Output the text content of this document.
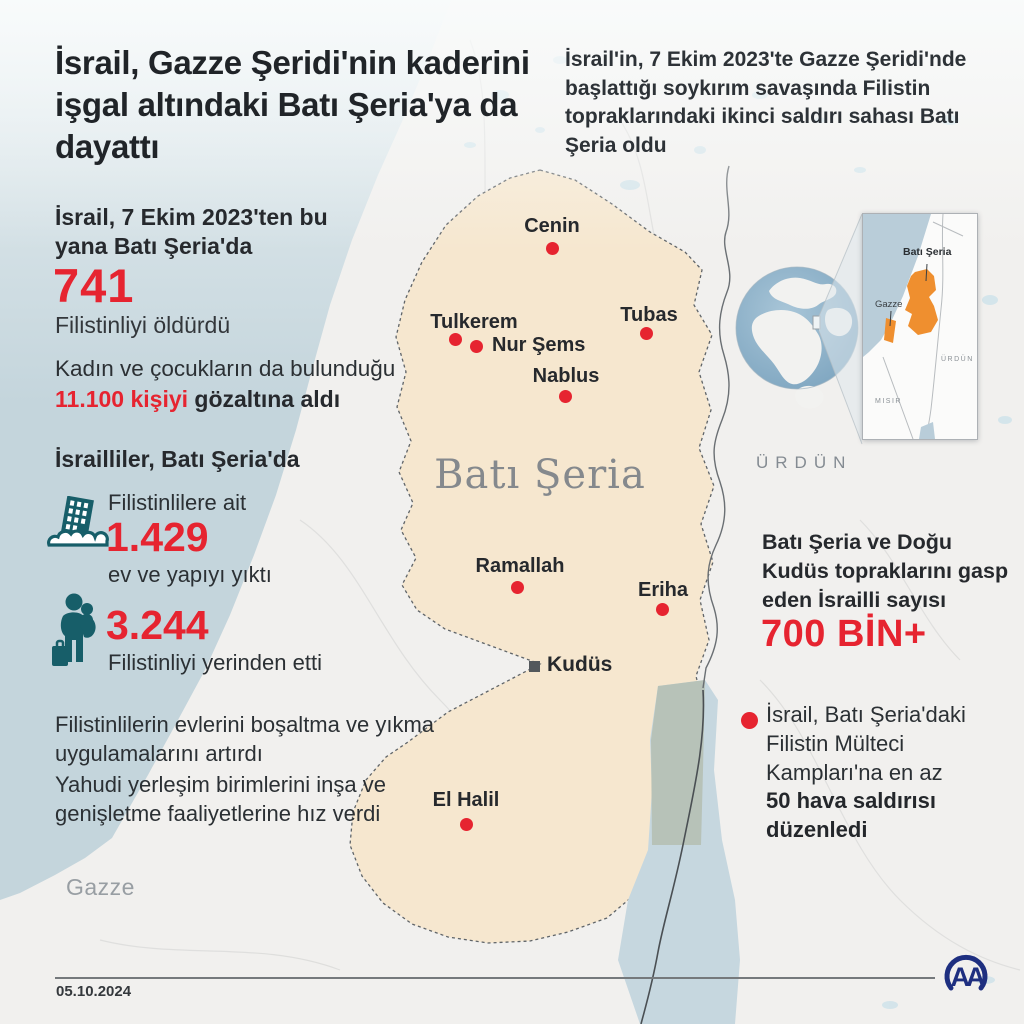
İsrail, Gazze Şeridi'nin kaderini işgal altındaki Batı Şeria'ya da dayattı
İsrail'in, 7 Ekim 2023'te Gazze Şeridi'nde başlattığı soykırım savaşında Filistin topraklarındaki ikinci saldırı sahası Batı Şeria oldu
İsrail, 7 Ekim 2023'ten bu yana Batı Şeria'da
741
Filistinliyi öldürdü
Kadın ve çocukların da bulunduğu
11.100 kişiyi gözaltına aldı
İsrailliler, Batı Şeria'da
Filistinlilere ait
1.429
ev ve yapıyı yıktı
3.244
Filistinliyi yerinden etti
Filistinlilerin evlerini boşaltma ve yıkma uygulamalarını artırdı
Yahudi yerleşim birimlerini inşa ve genişletme faaliyetlerine hız verdi
Gazze
Batı Şeria	ÜRDÜN
Cenin
Tulkerem
Nur Şems
Tubas
Nablus
Ramallah
Eriha
Kudüs
El Halil
Batı Şeria
Gazze
ÜRDÜN
MISIR
Batı Şeria ve Doğu Kudüs topraklarını gasp eden İsrailli sayısı
700 BİN+
İsrail, Batı Şeria'daki Filistin Mülteci Kampları'na en az 50 hava saldırısı düzenledi
05.10.2024	AA
